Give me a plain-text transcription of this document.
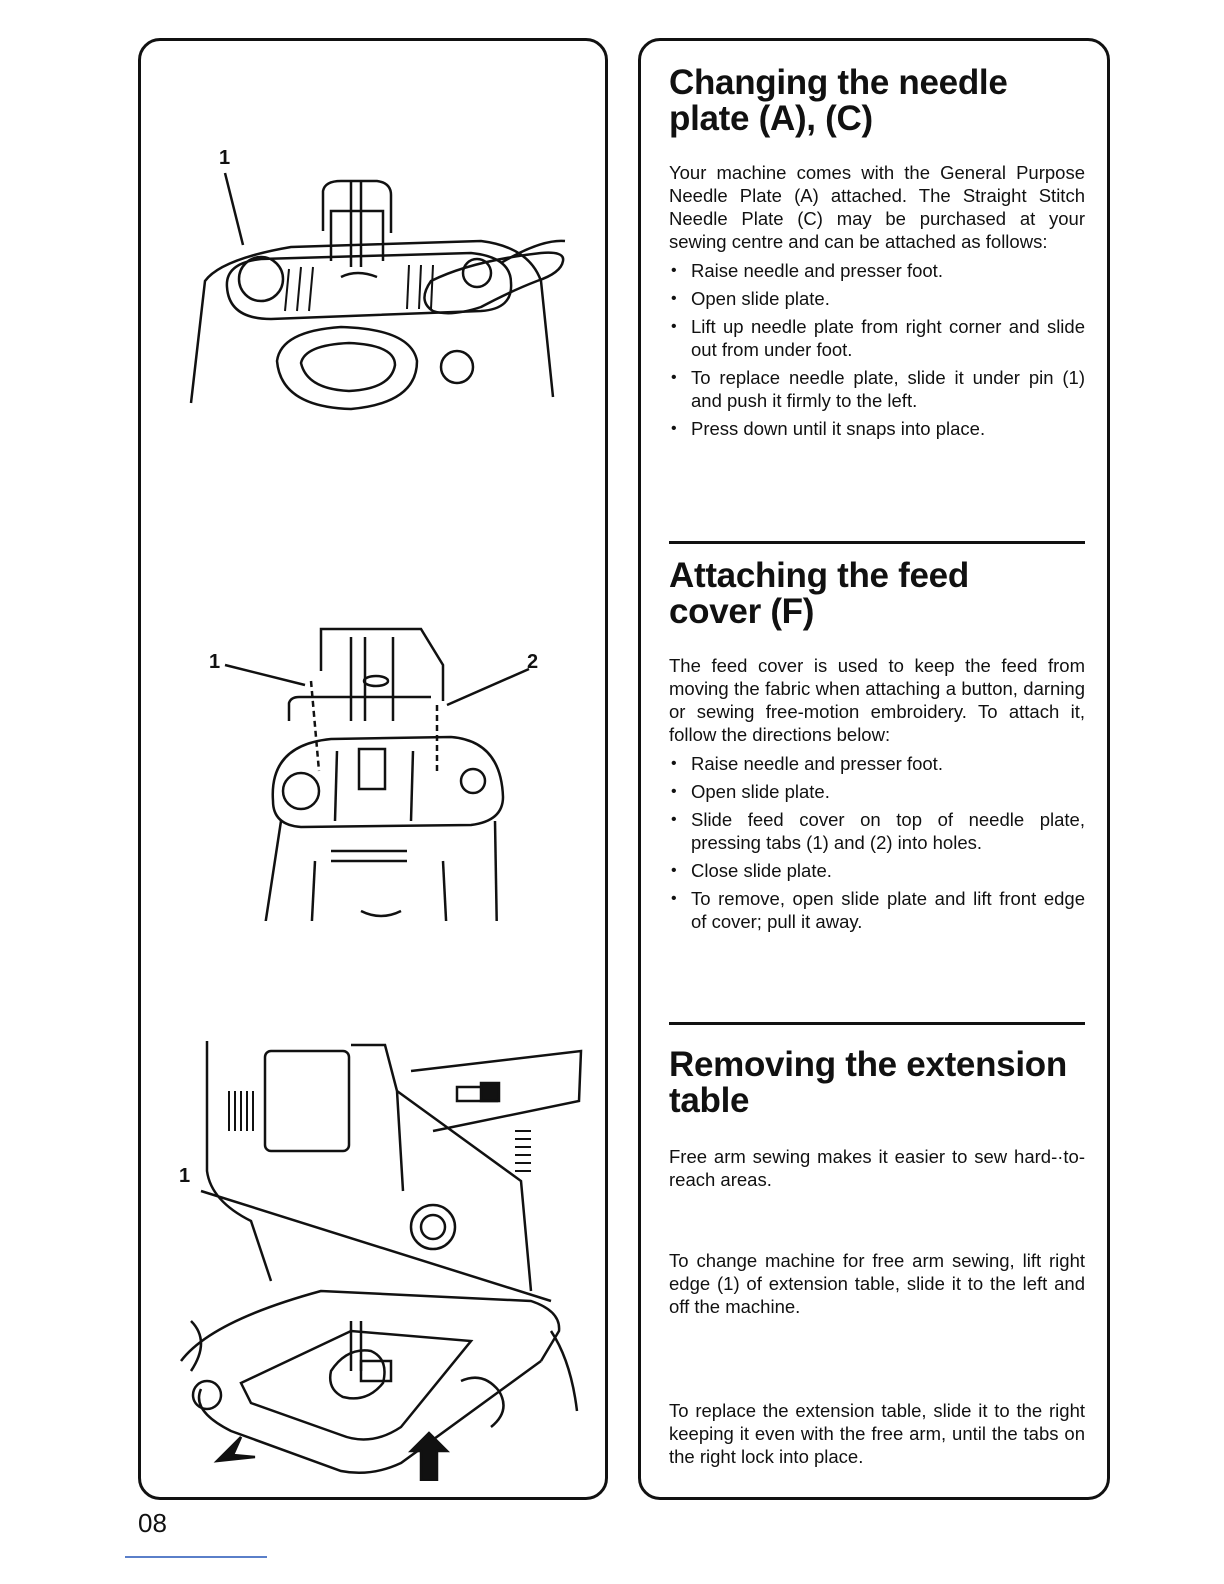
1
1	2
1
Changing the needle
plate (A), (C)

Your machine comes with the General Purpose Needle Plate (A) attached. The Straight Stitch Needle Plate (C) may be purchased at your sewing centre and can be attached as follows:

• Raise needle and presser foot.
• Open slide plate.
• Lift up needle plate from right corner and slide out from under foot.
• To replace needle plate, slide it under pin (1) and push it firmly to the left.
• Press down until it snaps into place.
Attaching the feed
cover (F)

The feed cover is used to keep the feed from moving the fabric when attaching a button, darning or sewing free-motion embroidery. To attach it, follow the directions below:

• Raise needle and presser foot.
• Open slide plate.
• Slide feed cover on top of needle plate, pressing tabs (1) and (2) into holes.
• Close slide plate.
• To remove, open slide plate and lift front edge of cover; pull it away.
Removing the extension
table

Free arm sewing makes it easier to sew hard-·to-reach areas.

To change machine for free arm sewing, lift right edge (1) of extension table, slide it to the left and off the machine.

To replace the extension table, slide it to the right keeping it even with the free arm, until the tabs on the right lock into place.

08
